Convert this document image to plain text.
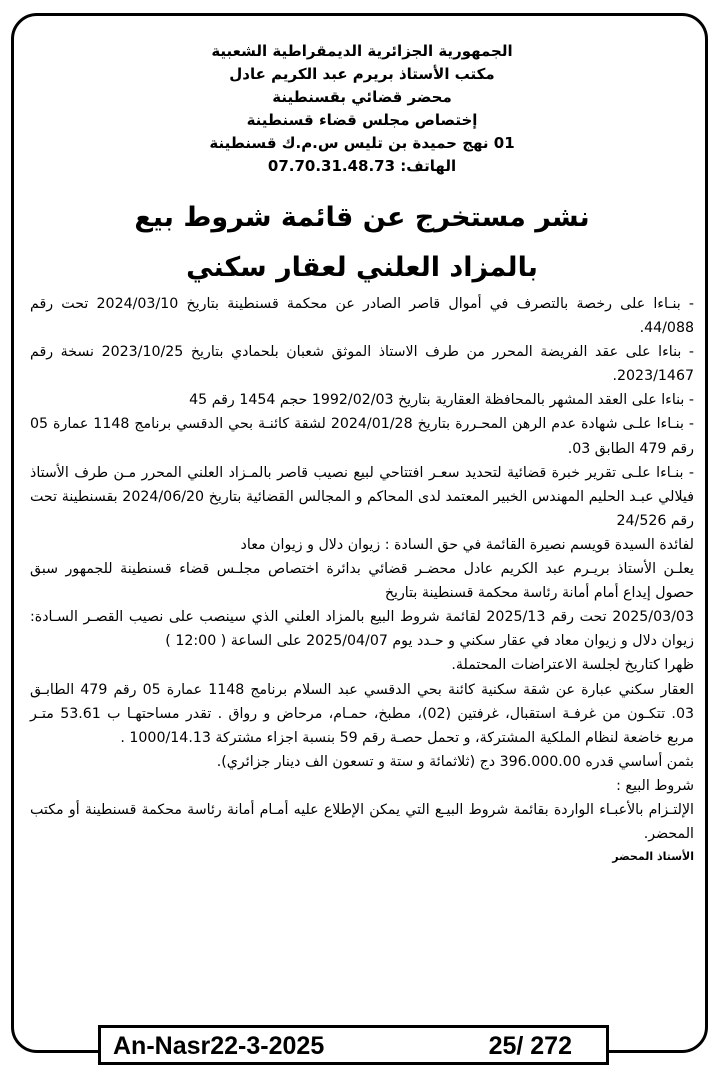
الجمهورية الجزائرية الديمقراطية الشعبية

مكتب الأستاذ بريرم عبد الكريم عادل

محضر قضائي بقسنطينة

إختصاص مجلس قضاء قسنطينة

01 نهج حميدة بن تليس س.م.ك قسنطينة

الهاتف: 07.70.31.48.73

نشر مستخرج عن قائمة شروط بيع
بالمزاد العلني لعقار سكني

- بنـاءا على رخصة بالتصرف في أموال قاصر الصادر عن محكمة قسنطينة بتاريخ 2024/03/10 تحت رقم 44/088.

- بناءا على عقد الفريضة المحرر من طرف الاستاذ الموثق شعبان بلحمادي بتاريخ 2023/10/25 نسخة رقم 2023/1467.

- بناءا على العقد المشهر بالمحافظة العقارية بتاريخ 1992/02/03 حجم 1454 رقم 45

- بنـاءا علـى شهادة عدم الرهن المحـررة بتاريخ 2024/01/28 لشقة كائنـة بحي الدقسي برنامج 1148 عمارة 05 رقم 479 الطابق 03.

- بنـاءا علـى تقرير خبرة قضائية لتحديد سعـر افتتاحي لبيع نصيب قاصر بالمـزاد العلني المحرر مـن طرف الأستاذ فيلالي عبـد الحليم المهندس الخبير المعتمد لدى المحاكم و المجالس القضائية بتاريخ 2024/06/20 بقسنطينة تحت رقم 24/526

لفائدة السيدة قويسم نصيرة القائمة في حق السادة : زيوان دلال و زيوان معاد

يعلـن الأستاذ بريـرم عبد الكريم عادل محضـر قضائي بدائرة اختصاص مجلـس قضاء قسنطينة للجمهور سبق حصول إيداع أمام أمانة رئاسة محكمة قسنطينة بتاريخ

2025/03/03 تحت رقم 2025/13 لقائمة شروط البيع بالمزاد العلني الذي سينصب على نصيب القصـر السـادة: زيوان دلال و زيوان معاد في عقار سكني و حـدد يوم 2025/04/07 على الساعة ( 12:00 )

ظهرا كتاريخ لجلسة الاعتراضات المحتملة.

العقار سكني عبارة عن شقة سكنية كائنة بحي الدقسي عبد السلام برنامج 1148 عمارة 05 رقم 479 الطابـق 03. تتكـون من غرفـة استقبال، غرفتين (02)، مطبخ، حمـام، مرحاض و رواق . تقدر مساحتهـا ب 53.61 متـر مربع خاضعة لنظام الملكية المشتركة، و تحمل حصـة رقم 59 بنسبة اجزاء مشتركة 1000/14.13 .

بثمن أساسي قدره 396.000.00 دج (ثلاثمائة و ستة و تسعون الف دينار جزائري).

شروط البيع :

الإلتـزام بالأعبـاء الواردة بقائمة شروط البيـع التي يمكن الإطلاع عليه أمـام أمانة رئاسة محكمة قسنطينة أو مكتب المحضر.

الأستاذ المحضر
An-Nasr22-3-2025	25/ 272
